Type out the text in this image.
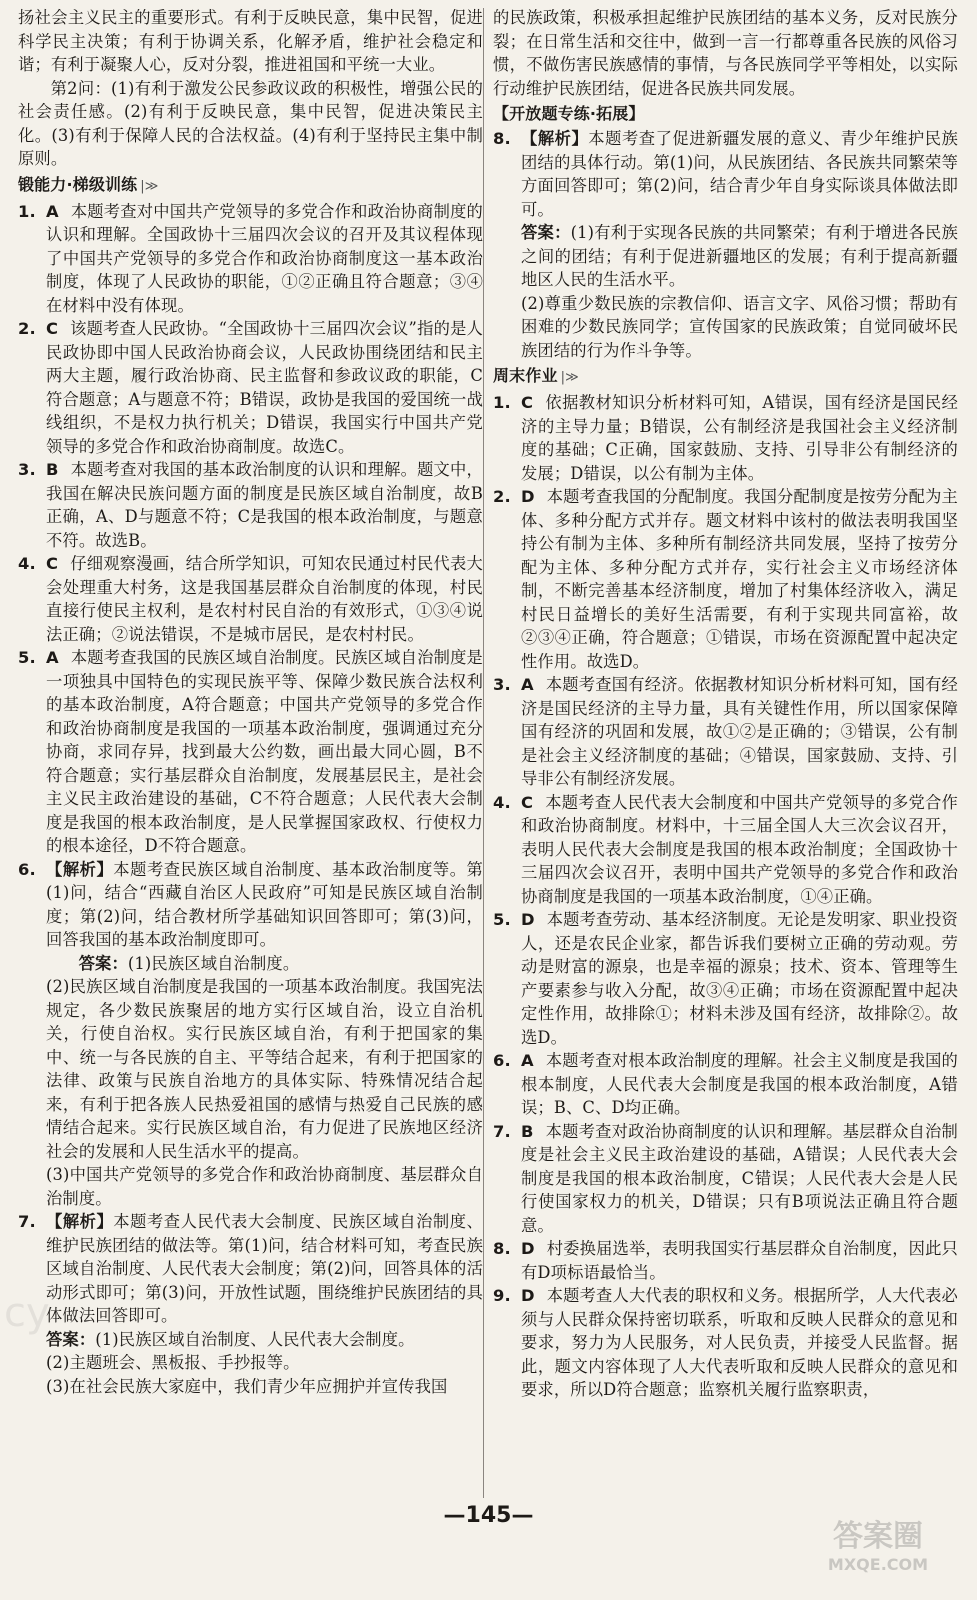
扬社会主义民主的重要形式。有利于反映民意，集中民智，促进科学民主决策；有利于协调关系，化解矛盾，维护社会稳定和谐；有利于凝聚人心，反对分裂，推进祖国和平统一大业。

第2问：(1)有利于激发公民参政议政的积极性，增强公民的社会责任感。(2)有利于反映民意，集中民智，促进决策民主化。(3)有利于保障人民的合法权益。(4)有利于坚持民主集中制原则。

锻能力·梯级训练 |≫
1. A 本题考查对中国共产党领导的多党合作和政治协商制度的认识和理解。全国政协十三届四次会议的召开及其议程体现了中国共产党领导的多党合作和政治协商制度这一基本政治制度，体现了人民政协的职能，①②正确且符合题意；③④在材料中没有体现。
2. C 该题考查人民政协。“全国政协十三届四次会议”指的是人民政协即中国人民政治协商会议，人民政协围绕团结和民主两大主题，履行政治协商、民主监督和参政议政的职能，C符合题意；A与题意不符；B错误，政协是我国的爱国统一战线组织，不是权力执行机关；D错误，我国实行中国共产党领导的多党合作和政治协商制度。故选C。
3. B 本题考查对我国的基本政治制度的认识和理解。题文中，我国在解决民族问题方面的制度是民族区域自治制度，故B正确，A、D与题意不符；C是我国的根本政治制度，与题意不符。故选B。
4. C 仔细观察漫画，结合所学知识，可知农民通过村民代表大会处理重大村务，这是我国基层群众自治制度的体现，村民直接行使民主权利，是农村村民自治的有效形式，①③④说法正确；②说法错误，不是城市居民，是农村村民。
5. A 本题考查我国的民族区域自治制度。民族区域自治制度是一项独具中国特色的实现民族平等、保障少数民族合法权利的基本政治制度，A符合题意；中国共产党领导的多党合作和政治协商制度是我国的一项基本政治制度，强调通过充分协商，求同存异，找到最大公约数，画出最大同心圆，B不符合题意；实行基层群众自治制度，发展基层民主，是社会主义民主政治建设的基础，C不符合题意；人民代表大会制度是我国的根本政治制度，是人民掌握国家政权、行使权力的根本途径，D不符合题意。
6. 【解析】本题考查民族区域自治制度、基本政治制度等。第(1)问，结合“西藏自治区人民政府”可知是民族区域自治制度；第(2)问，结合教材所学基础知识回答即可；第(3)问，回答我国的基本政治制度即可。

答案：(1)民族区域自治制度。

(2)民族区域自治制度是我国的一项基本政治制度。我国宪法规定，各少数民族聚居的地方实行区域自治，设立自治机关，行使自治权。实行民族区域自治，有利于把国家的集中、统一与各民族的自主、平等结合起来，有利于把国家的法律、政策与民族自治地方的具体实际、特殊情况结合起来，有利于把各族人民热爱祖国的感情与热爱自己民族的感情结合起来。实行民族区域自治，有力促进了民族地区经济社会的发展和人民生活水平的提高。

(3)中国共产党领导的多党合作和政治协商制度、基层群众自治制度。

7. 【解析】本题考查人民代表大会制度、民族区域自治制度、维护民族团结的做法等。第(1)问，结合材料可知，考查民族区域自治制度、人民代表大会制度；第(2)问，回答具体的活动形式即可；第(3)问，开放性试题，围绕维护民族团结的具体做法回答即可。

答案：(1)民族区域自治制度、人民代表大会制度。

(2)主题班会、黑板报、手抄报等。

(3)在社会民族大家庭中，我们青少年应拥护并宣传我国

的民族政策，积极承担起维护民族团结的基本义务，反对民族分裂；在日常生活和交往中，做到一言一行都尊重各民族的风俗习惯，不做伤害民族感情的事情，与各民族同学平等相处，以实际行动维护民族团结，促进各民族共同发展。

【开放题专练·拓展】
8. 【解析】本题考查了促进新疆发展的意义、青少年维护民族团结的具体行动。第(1)问，从民族团结、各民族共同繁荣等方面回答即可；第(2)问，结合青少年自身实际谈具体做法即可。

答案：(1)有利于实现各民族的共同繁荣；有利于增进各民族之间的团结；有利于促进新疆地区的发展；有利于提高新疆地区人民的生活水平。

(2)尊重少数民族的宗教信仰、语言文字、风俗习惯；帮助有困难的少数民族同学；宣传国家的民族政策；自觉同破坏民族团结的行为作斗争等。

周末作业 |≫
1. C 依据教材知识分析材料可知，A错误，国有经济是国民经济的主导力量；B错误，公有制经济是我国社会主义经济制度的基础；C正确，国家鼓励、支持、引导非公有制经济的发展；D错误，以公有制为主体。
2. D 本题考查我国的分配制度。我国分配制度是按劳分配为主体、多种分配方式并存。题文材料中该村的做法表明我国坚持公有制为主体、多种所有制经济共同发展，坚持了按劳分配为主体、多种分配方式并存，实行社会主义市场经济体制，不断完善基本经济制度，增加了村集体经济收入，满足村民日益增长的美好生活需要，有利于实现共同富裕，故②③④正确，符合题意；①错误，市场在资源配置中起决定性作用。故选D。
3. A 本题考查国有经济。依据教材知识分析材料可知，国有经济是国民经济的主导力量，具有关键性作用，所以国家保障国有经济的巩固和发展，故①②是正确的；③错误，公有制是社会主义经济制度的基础；④错误，国家鼓励、支持、引导非公有制经济发展。
4. C 本题考查人民代表大会制度和中国共产党领导的多党合作和政治协商制度。材料中，十三届全国人大三次会议召开，表明人民代表大会制度是我国的根本政治制度；全国政协十三届四次会议召开，表明中国共产党领导的多党合作和政治协商制度是我国的一项基本政治制度，①④正确。
5. D 本题考查劳动、基本经济制度。无论是发明家、职业投资人，还是农民企业家，都告诉我们要树立正确的劳动观。劳动是财富的源泉，也是幸福的源泉；技术、资本、管理等生产要素参与收入分配，故③④正确；市场在资源配置中起决定性作用，故排除①；材料未涉及国有经济，故排除②。故选D。
6. A 本题考查对根本政治制度的理解。社会主义制度是我国的根本制度，人民代表大会制度是我国的根本政治制度，A错误；B、C、D均正确。
7. B 本题考查对政治协商制度的认识和理解。基层群众自治制度是社会主义民主政治建设的基础，A错误；人民代表大会制度是我国的根本政治制度，C错误；人民代表大会是人民行使国家权力的机关，D错误；只有B项说法正确且符合题意。
8. D 村委换届选举，表明我国实行基层群众自治制度，因此只有D项标语最恰当。
9. D 本题考查人大代表的职权和义务。根据所学，人大代表必须与人民群众保持密切联系，听取和反映人民群众的意见和要求，努力为人民服务，对人民负责，并接受人民监督。据此，题文内容体现了人大代表听取和反映人民群众的意见和要求，所以D符合题意；监察机关履行监察职责，
—145—
cy
答案圈
MXQE.COM
